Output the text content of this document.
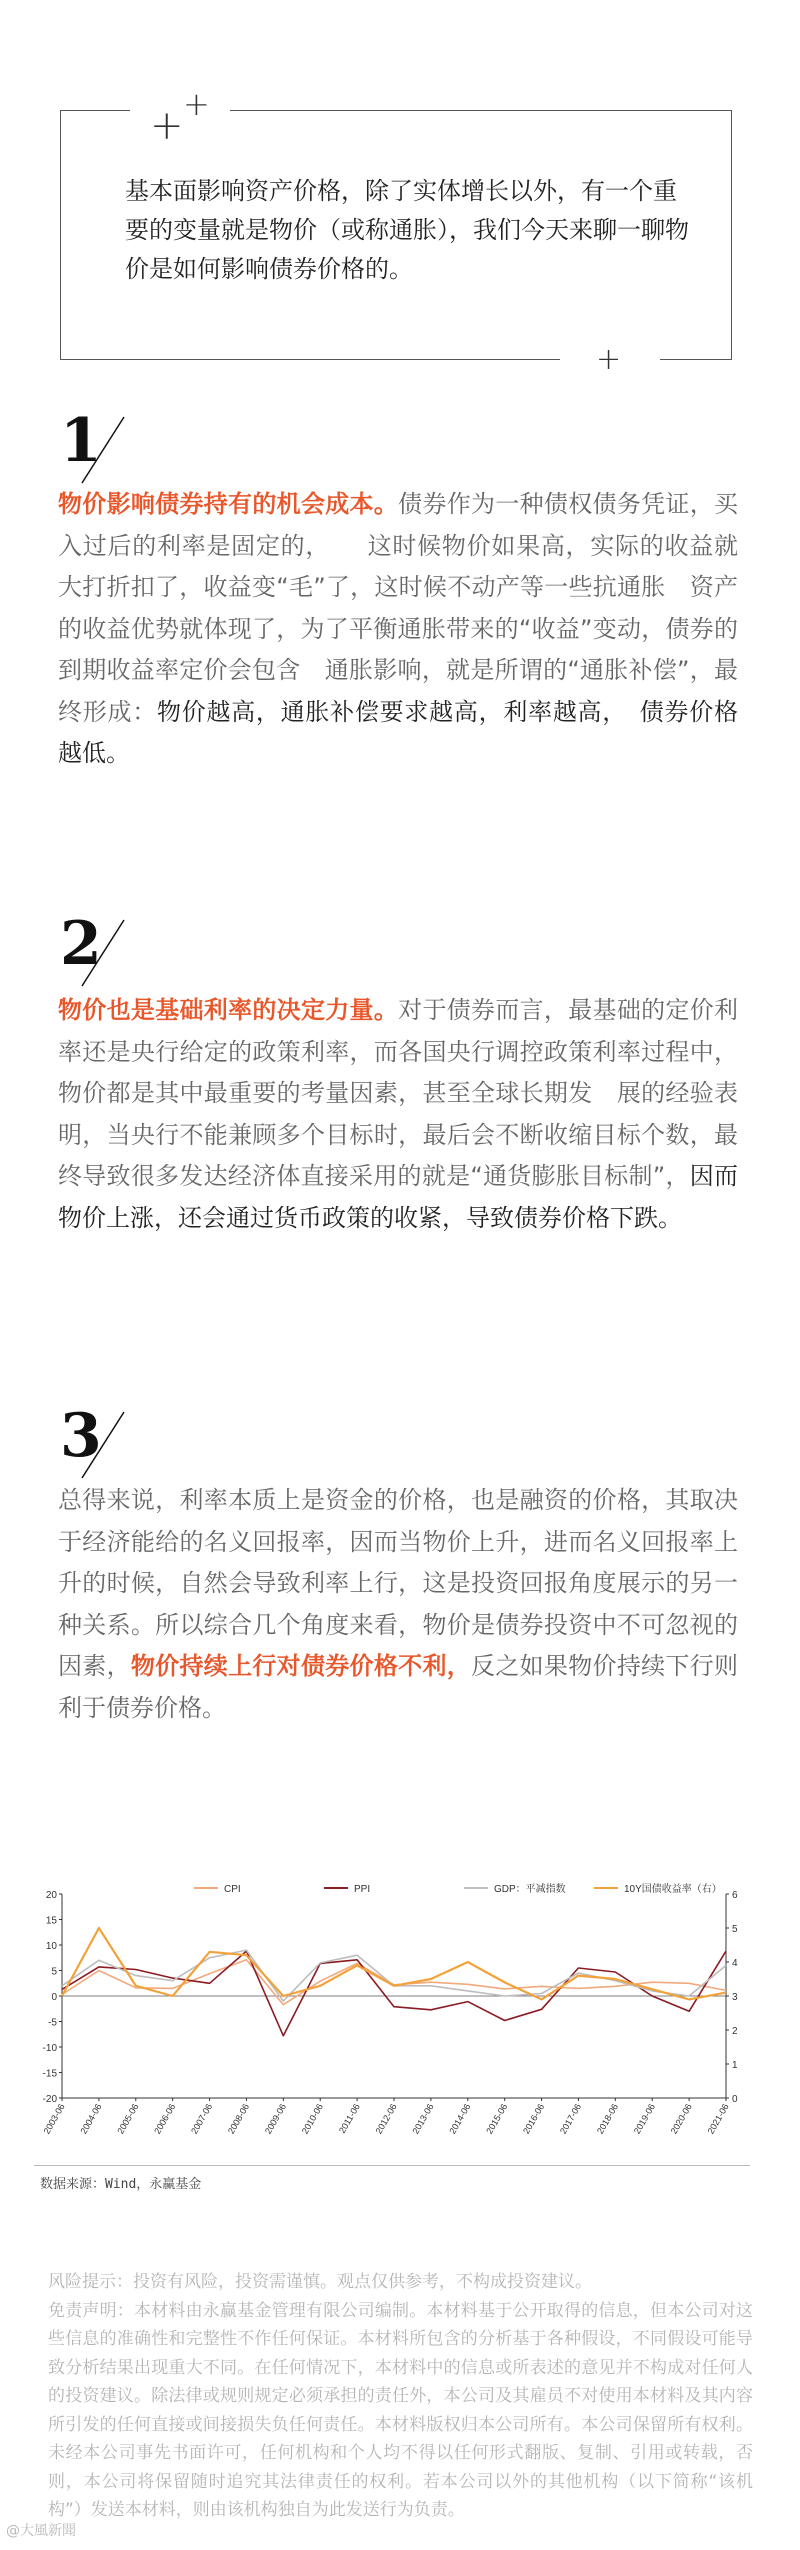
+ +
+
基本面影响资产价格，除了实体增长以外，有一个重要的变量就是物价（或称通胀），我们今天来聊一聊物价是如何影响债券价格的。
1
物价影响债券持有的机会成本。债券作为一种债权债务凭证，买入过后的利率是固定的，　　这时候物价如果高，实际的收益就大打折扣了，收益变“毛”了，这时候不动产等一些抗通胀　资产的收益优势就体现了，为了平衡通胀带来的“收益”变动，债券的到期收益率定价会包含　通胀影响，就是所谓的“通胀补偿”，最终形成：物价越高，通胀补偿要求越高，利率越高，　债券价格越低。
2
物价也是基础利率的决定力量。对于债券而言，最基础的定价利率还是央行给定的政策利率，而各国央行调控政策利率过程中，物价都是其中最重要的考量因素，甚至全球长期发　展的经验表明，当央行不能兼顾多个目标时，最后会不断收缩目标个数，最终导致很多发达经济体直接采用的就是“通货膨胀目标制”，因而物价上涨，还会通过货币政策的收紧，导致债券价格下跌。
3
总得来说，利率本质上是资金的价格，也是融资的价格，其取决于经济能给的名义回报率，因而当物价上升，进而名义回报率上升的时候，自然会导致利率上行，这是投资回报角度展示的另一种关系。所以综合几个角度来看，物价是债券投资中不可忽视的因素，物价持续上行对债券价格不利，反之如果物价持续下行则利于债券价格。
20
15
10
5
0
-5
-10
-15
-20
6
5
4
3
2
1
0
2003-06 2004-06 2005-06 2006-06 2007-06 2008-06 2009-06 2010-06 2011-06 2012-06 2013-06 2014-06 2015-06 2016-06 2017-06 2018-06 2019-06 2020-06 2021-06
CPI	PPI	GDP：平减指数	10Y国债收益率（右）
数据来源：Wind，永赢基金
风险提示：投资有风险，投资需谨慎。观点仅供参考，不构成投资建议。
免责声明：本材料由永赢基金管理有限公司编制。本材料基于公开取得的信息，但本公司对这些信息的准确性和完整性不作任何保证。本材料所包含的分析基于各种假设，不同假设可能导致分析结果出现重大不同。在任何情况下，本材料中的信息或所表述的意见并不构成对任何人的投资建议。除法律或规则规定必须承担的责任外，本公司及其雇员不对使用本材料及其内容所引发的任何直接或间接损失负任何责任。本材料版权归本公司所有。本公司保留所有权利。未经本公司事先书面许可，任何机构和个人均不得以任何形式翻版、复制、引用或转载，否则，本公司将保留随时追究其法律责任的权利。若本公司以外的其他机构（以下简称“该机构”）发送本材料，则由该机构独自为此发送行为负责。
@大風新聞
